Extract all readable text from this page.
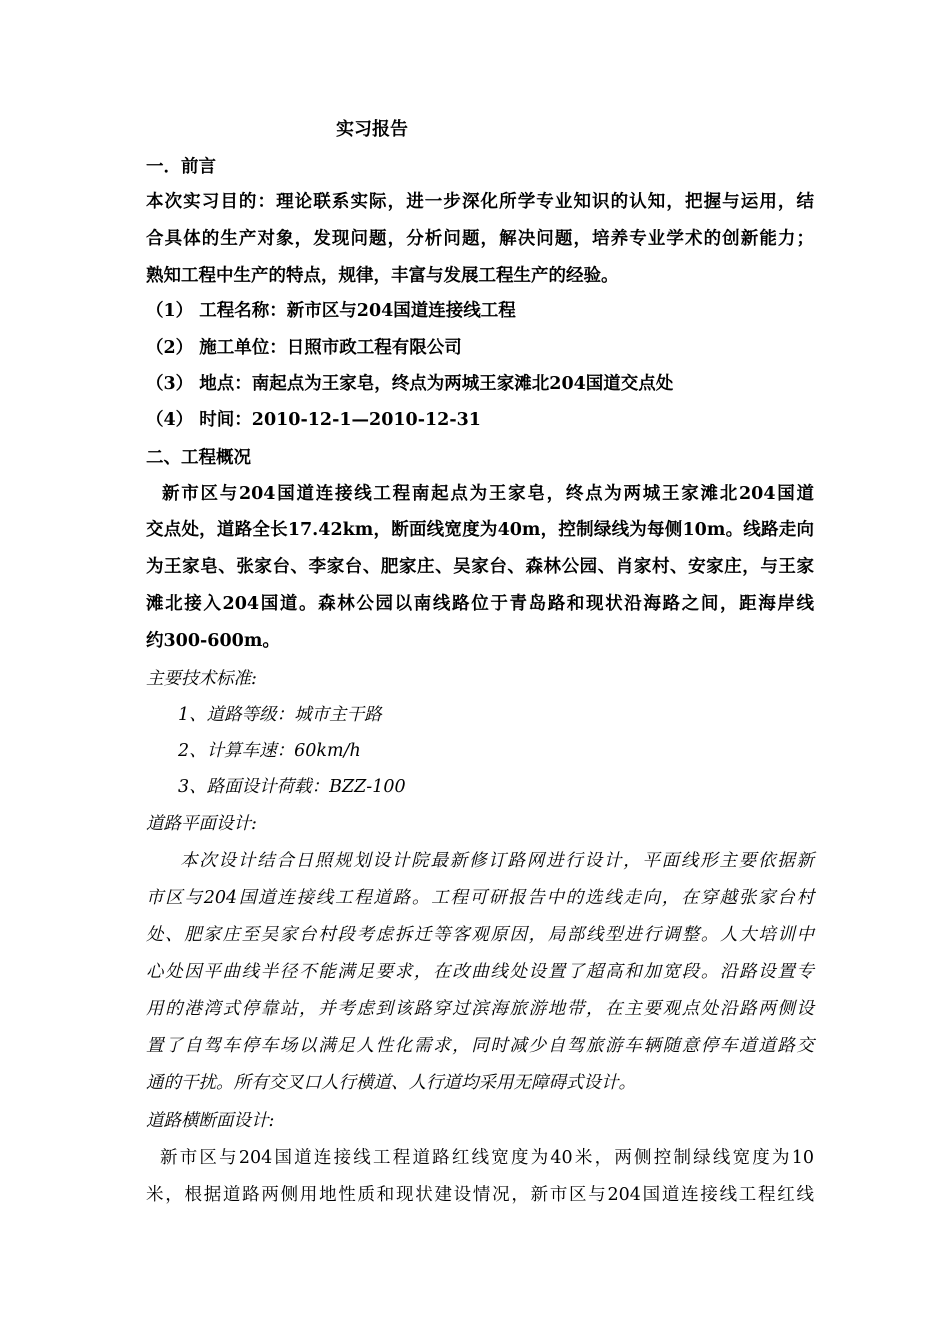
实习报告
一．前言
本次实习目的：理论联系实际，进一步深化所学专业知识的认知，把握与运用，结
合具体的生产对象，发现问题，分析问题，解决问题，培养专业学术的创新能力；
熟知工程中生产的特点，规律，丰富与发展工程生产的经验。
（1） 工程名称：新市区与204国道连接线工程
（2） 施工单位：日照市政工程有限公司
（3） 地点：南起点为王家皂，终点为两城王家滩北204国道交点处
（4） 时间：2010-12-1—2010-12-31
二、工程概况
新市区与204国道连接线工程南起点为王家皂，终点为两城王家滩北204国道
交点处，道路全长17.42km，断面线宽度为40m，控制绿线为每侧10m。线路走向
为王家皂、张家台、李家台、肥家庄、吴家台、森林公园、肖家村、安家庄，与王家
滩北接入204国道。森林公园以南线路位于青岛路和现状沿海路之间，距海岸线
约300-600m。
主要技术标准:
1、道路等级：城市主干路
2、计算车速：60km/h
3、路面设计荷载：BZZ-100
道路平面设计:
本次设计结合日照规划设计院最新修订路网进行设计，平面线形主要依据新
市区与204国道连接线工程道路。工程可研报告中的选线走向，在穿越张家台村
处、肥家庄至吴家台村段考虑拆迁等客观原因，局部线型进行调整。人大培训中
心处因平曲线半径不能满足要求，在改曲线处设置了超高和加宽段。沿路设置专
用的港湾式停靠站，并考虑到该路穿过滨海旅游地带，在主要观点处沿路两侧设
置了自驾车停车场以满足人性化需求，同时减少自驾旅游车辆随意停车道道路交
通的干扰。所有交叉口人行横道、人行道均采用无障碍式设计。
道路横断面设计:
新市区与204国道连接线工程道路红线宽度为40米，两侧控制绿线宽度为10
米，根据道路两侧用地性质和现状建设情况，新市区与204国道连接线工程红线
